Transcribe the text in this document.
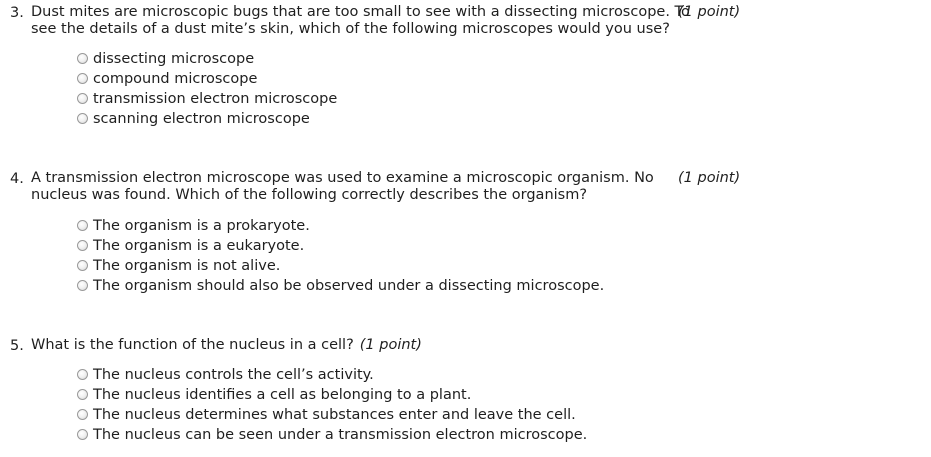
3. Dust mites are microscopic bugs that are too small to see with a dissecting microscope. To
see the details of a dust mite’s skin, which of the following microscopes would you use?
(1 point)
dissecting microscope
compound microscope
transmission electron microscope
scanning electron microscope
4. A transmission electron microscope was used to examine a microscopic organism. No
nucleus was found. Which of the following correctly describes the organism?
(1 point)
The organism is a prokaryote.
The organism is a eukaryote.
The organism is not alive.
The organism should also be observed under a dissecting microscope.
5. What is the function of the nucleus in a cell? (1 point)
The nucleus controls the cell’s activity.
The nucleus identifies a cell as belonging to a plant.
The nucleus determines what substances enter and leave the cell.
The nucleus can be seen under a transmission electron microscope.
